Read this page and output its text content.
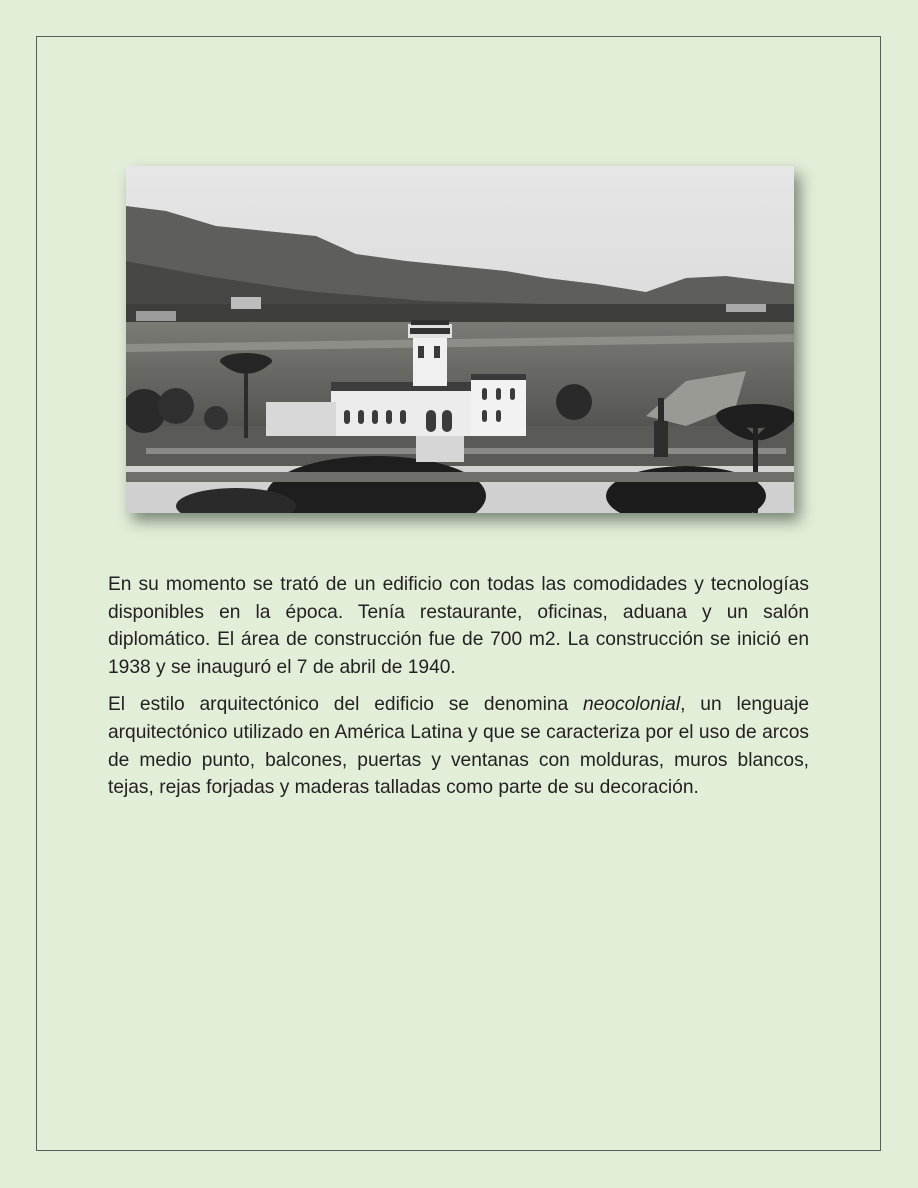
En su momento se trató de un edificio con todas las comodidades y tecnologías disponibles en la época. Tenía restaurante, oficinas, aduana y un salón diplomático. El área de construcción fue de 700 m2. La construcción se inició en 1938 y se inauguró el 7 de abril de 1940.

El estilo arquitectónico del edificio se denomina neocolonial, un lenguaje arquitectónico utilizado en América Latina y que se caracteriza por el uso de arcos de medio punto, balcones, puertas y ventanas con molduras, muros blancos, tejas, rejas forjadas y maderas talladas como parte de su decoración.
